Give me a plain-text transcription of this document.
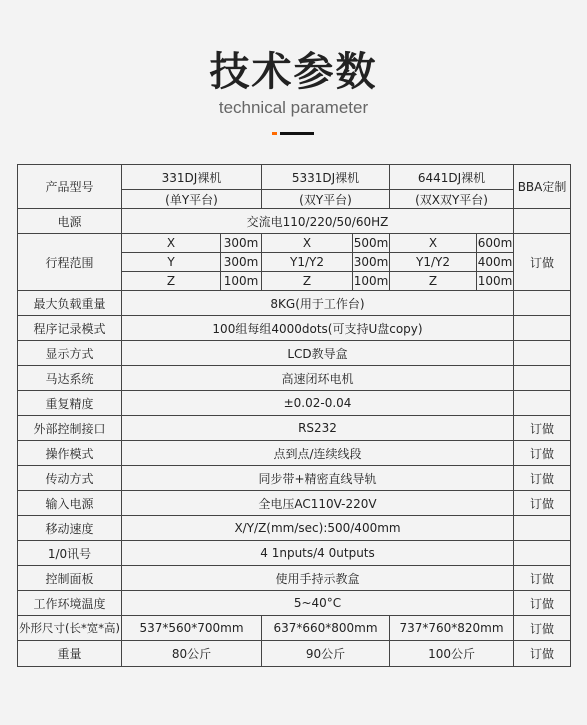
技术参数
technical parameter
产品型号	331DJ裸机		5331DJ裸机		6441DJ裸机		BBA定制
	(单Y平台)		(双Y平台)		(双X双Y平台)		
电源	交流电110/220/50/60HZ						
行程范围	X	300m	X	500m	X	600m	订做
	Y	300m	Y1/Y2	300m	Y1/Y2	400m	
	Z	100m	Z	100m	Z	100m	
最大负载重量	8KG(用于工作台)						
程序记录模式	100组每组4000dots(可支持U盘copy)						
显示方式	LCD教导盒						
马达系统	高速闭环电机						
重复精度	±0.02-0.04						
外部控制接口	RS232						订做
操作模式	点到点/连续线段						订做
传动方式	同步带+精密直线导轨						订做
输入电源	全电压AC110V-220V						订做
移动速度	X/Y/Z(mm/sec):500/400mm						
1/0讯号	4 1nputs/4 0utputs						
控制面板	使用手持示教盒						订做
工作环境温度	5~40°C						订做
外形尺寸(长*宽*高)	537*560*700mm		637*660*800mm		737*760*820mm		订做
重量	80公斤		90公斤		100公斤		订做
